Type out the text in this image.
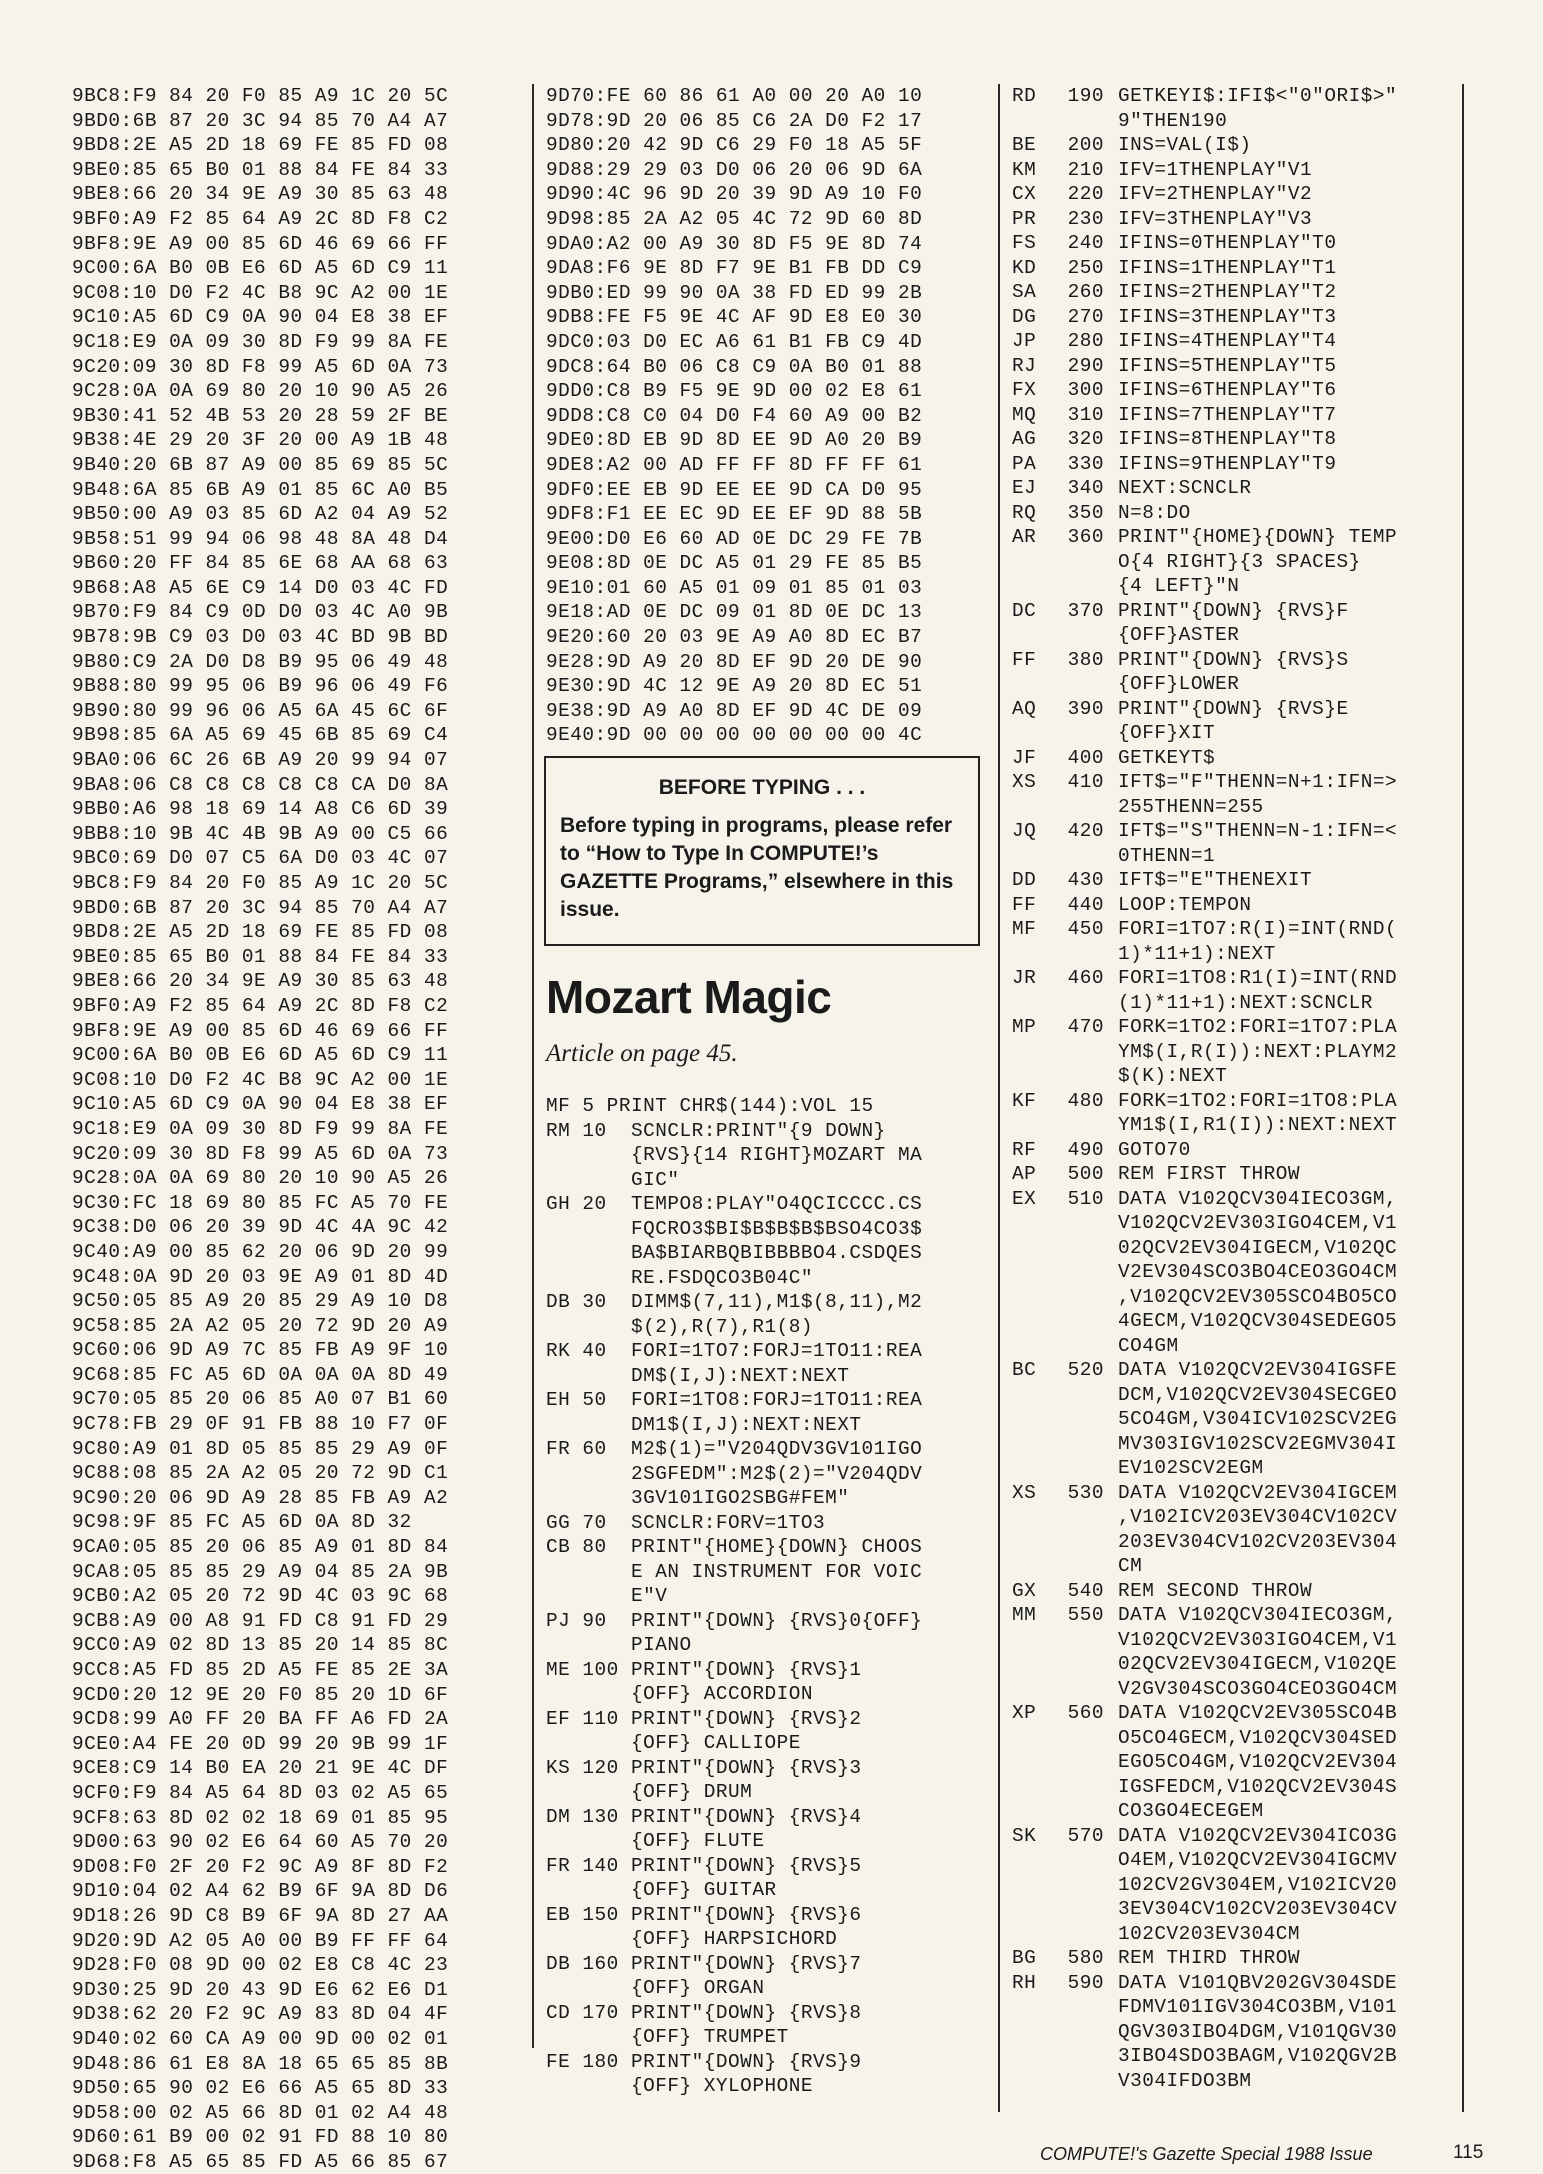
9BC8:F9 84 20 F0 85 A9 1C 20 5C
9BD0:6B 87 20 3C 94 85 70 A4 A7
9BD8:2E A5 2D 18 69 FE 85 FD 08
9BE0:85 65 B0 01 88 84 FE 84 33
9BE8:66 20 34 9E A9 30 85 63 48
9BF0:A9 F2 85 64 A9 2C 8D F8 C2
9BF8:9E A9 00 85 6D 46 69 66 FF
9C00:6A B0 0B E6 6D A5 6D C9 11
9C08:10 D0 F2 4C B8 9C A2 00 1E
9C10:A5 6D C9 0A 90 04 E8 38 EF
9C18:E9 0A 09 30 8D F9 99 8A FE
9C20:09 30 8D F8 99 A5 6D 0A 73
9C28:0A 0A 69 80 20 10 90 A5 26
9B30:41 52 4B 53 20 28 59 2F BE
9B38:4E 29 20 3F 20 00 A9 1B 48
9B40:20 6B 87 A9 00 85 69 85 5C
9B48:6A 85 6B A9 01 85 6C A0 B5
9B50:00 A9 03 85 6D A2 04 A9 52
9B58:51 99 94 06 98 48 8A 48 D4
9B60:20 FF 84 85 6E 68 AA 68 63
9B68:A8 A5 6E C9 14 D0 03 4C FD
9B70:F9 84 C9 0D D0 03 4C A0 9B
9B78:9B C9 03 D0 03 4C BD 9B BD
9B80:C9 2A D0 D8 B9 95 06 49 48
9B88:80 99 95 06 B9 96 06 49 F6
9B90:80 99 96 06 A5 6A 45 6C 6F
9B98:85 6A A5 69 45 6B 85 69 C4
9BA0:06 6C 26 6B A9 20 99 94 07
9BA8:06 C8 C8 C8 C8 C8 CA D0 8A
9BB0:A6 98 18 69 14 A8 C6 6D 39
9BB8:10 9B 4C 4B 9B A9 00 C5 66
9BC0:69 D0 07 C5 6A D0 03 4C 07
9BC8:F9 84 20 F0 85 A9 1C 20 5C
9BD0:6B 87 20 3C 94 85 70 A4 A7
9BD8:2E A5 2D 18 69 FE 85 FD 08
9BE0:85 65 B0 01 88 84 FE 84 33
9BE8:66 20 34 9E A9 30 85 63 48
9BF0:A9 F2 85 64 A9 2C 8D F8 C2
9BF8:9E A9 00 85 6D 46 69 66 FF
9C00:6A B0 0B E6 6D A5 6D C9 11
9C08:10 D0 F2 4C B8 9C A2 00 1E
9C10:A5 6D C9 0A 90 04 E8 38 EF
9C18:E9 0A 09 30 8D F9 99 8A FE
9C20:09 30 8D F8 99 A5 6D 0A 73
9C28:0A 0A 69 80 20 10 90 A5 26
9C30:FC 18 69 80 85 FC A5 70 FE
9C38:D0 06 20 39 9D 4C 4A 9C 42
9C40:A9 00 85 62 20 06 9D 20 99
9C48:0A 9D 20 03 9E A9 01 8D 4D
9C50:05 85 A9 20 85 29 A9 10 D8
9C58:85 2A A2 05 20 72 9D 20 A9
9C60:06 9D A9 7C 85 FB A9 9F 10
9C68:85 FC A5 6D 0A 0A 0A 8D 49
9C70:05 85 20 06 85 A0 07 B1 60
9C78:FB 29 0F 91 FB 88 10 F7 0F
9C80:A9 01 8D 05 85 85 29 A9 0F
9C88:08 85 2A A2 05 20 72 9D C1
9C90:20 06 9D A9 28 85 FB A9 A2
9C98:9F 85 FC A5 6D 0A 8D 32
9CA0:05 85 20 06 85 A9 01 8D 84
9CA8:05 85 85 29 A9 04 85 2A 9B
9CB0:A2 05 20 72 9D 4C 03 9C 68
9CB8:A9 00 A8 91 FD C8 91 FD 29
9CC0:A9 02 8D 13 85 20 14 85 8C
9CC8:A5 FD 85 2D A5 FE 85 2E 3A
9CD0:20 12 9E 20 F0 85 20 1D 6F
9CD8:99 A0 FF 20 BA FF A6 FD 2A
9CE0:A4 FE 20 0D 99 20 9B 99 1F
9CE8:C9 14 B0 EA 20 21 9E 4C DF
9CF0:F9 84 A5 64 8D 03 02 A5 65
9CF8:63 8D 02 02 18 69 01 85 95
9D00:63 90 02 E6 64 60 A5 70 20
9D08:F0 2F 20 F2 9C A9 8F 8D F2
9D10:04 02 A4 62 B9 6F 9A 8D D6
9D18:26 9D C8 B9 6F 9A 8D 27 AA
9D20:9D A2 05 A0 00 B9 FF FF 64
9D28:F0 08 9D 00 02 E8 C8 4C 23
9D30:25 9D 20 43 9D E6 62 E6 D1
9D38:62 20 F2 9C A9 83 8D 04 4F
9D40:02 60 CA A9 00 9D 00 02 01
9D48:86 61 E8 8A 18 65 65 85 8B
9D50:65 90 02 E6 66 A5 65 8D 33
9D58:00 02 A5 66 8D 01 02 A4 48
9D60:61 B9 00 02 91 FD 88 10 80
9D68:F8 A5 65 85 FD A5 66 85 67
9D70:FE 60 86 61 A0 00 20 A0 10
9D78:9D 20 06 85 C6 2A D0 F2 17
9D80:20 42 9D C6 29 F0 18 A5 5F
9D88:29 29 03 D0 06 20 06 9D 6A
9D90:4C 96 9D 20 39 9D A9 10 F0
9D98:85 2A A2 05 4C 72 9D 60 8D
9DA0:A2 00 A9 30 8D F5 9E 8D 74
9DA8:F6 9E 8D F7 9E B1 FB DD C9
9DB0:ED 99 90 0A 38 FD ED 99 2B
9DB8:FE F5 9E 4C AF 9D E8 E0 30
9DC0:03 D0 EC A6 61 B1 FB C9 4D
9DC8:64 B0 06 C8 C9 0A B0 01 88
9DD0:C8 B9 F5 9E 9D 00 02 E8 61
9DD8:C8 C0 04 D0 F4 60 A9 00 B2
9DE0:8D EB 9D 8D EE 9D A0 20 B9
9DE8:A2 00 AD FF FF 8D FF FF 61
9DF0:EE EB 9D EE EE 9D CA D0 95
9DF8:F1 EE EC 9D EE EF 9D 88 5B
9E00:D0 E6 60 AD 0E DC 29 FE 7B
9E08:8D 0E DC A5 01 29 FE 85 B5
9E10:01 60 A5 01 09 01 85 01 03
9E18:AD 0E DC 09 01 8D 0E DC 13
9E20:60 20 03 9E A9 A0 8D EC B7
9E28:9D A9 20 8D EF 9D 20 DE 90
9E30:9D 4C 12 9E A9 20 8D EC 51
9E38:9D A9 A0 8D EF 9D 4C DE 09
9E40:9D 00 00 00 00 00 00 00 4C
BEFORE TYPING . . .
Before typing in programs, please refer to “How to Type In COMPUTE!’s GAZETTE Programs,” elsewhere in this issue.
Mozart Magic
Article on page 45.
MF 5 PRINT CHR$(144):VOL 15
RM 10  SCNCLR:PRINT"{9 DOWN}
{RVS}{14 RIGHT}MOZART MA
GIC"
GH 20  TEMPO8:PLAY"O4QCICCCC.CS
FQCRO3$BI$B$B$B$BSO4CO3$
BA$BIARBQBIBBBBO4.CSDQES
RE.FSDQCO3B04C"
DB 30  DIMM$(7,11),M1$(8,11),M2
$(2),R(7),R1(8)
RK 40  FORI=1TO7:FORJ=1TO11:REA
DM$(I,J):NEXT:NEXT
EH 50  FORI=1TO8:FORJ=1TO11:REA
DM1$(I,J):NEXT:NEXT
FR 60  M2$(1)="V204QDV3GV101IGO
2SGFEDM":M2$(2)="V204QDV
3GV101IGO2SBG#FEM"
GG 70  SCNCLR:FORV=1TO3
CB 80  PRINT"{HOME}{DOWN} CHOOS
E AN INSTRUMENT FOR VOIC
E"V
PJ 90  PRINT"{DOWN} {RVS}0{OFF}
PIANO
ME 100 PRINT"{DOWN} {RVS}1
{OFF} ACCORDION
EF 110 PRINT"{DOWN} {RVS}2
{OFF} CALLIOPE
KS 120 PRINT"{DOWN} {RVS}3
{OFF} DRUM
DM 130 PRINT"{DOWN} {RVS}4
{OFF} FLUTE
FR 140 PRINT"{DOWN} {RVS}5
{OFF} GUITAR
EB 150 PRINT"{DOWN} {RVS}6
{OFF} HARPSICHORD
DB 160 PRINT"{DOWN} {RVS}7
{OFF} ORGAN
CD 170 PRINT"{DOWN} {RVS}8
{OFF} TRUMPET
FE 180 PRINT"{DOWN} {RVS}9
{OFF} XYLOPHONE
RD	190 GETKEYI$:IFI$<"0"ORI$>"
9"THEN190
BE	200 INS=VAL(I$)
KM	210 IFV=1THENPLAY"V1
CX	220 IFV=2THENPLAY"V2
PR	230 IFV=3THENPLAY"V3
FS	240 IFINS=0THENPLAY"T0
KD	250 IFINS=1THENPLAY"T1
SA	260 IFINS=2THENPLAY"T2
DG	270 IFINS=3THENPLAY"T3
JP	280 IFINS=4THENPLAY"T4
RJ	290 IFINS=5THENPLAY"T5
FX	300 IFINS=6THENPLAY"T6
MQ	310 IFINS=7THENPLAY"T7
AG	320 IFINS=8THENPLAY"T8
PA	330 IFINS=9THENPLAY"T9
EJ	340 NEXT:SCNCLR
RQ	350 N=8:DO
AR	360 PRINT"{HOME}{DOWN} TEMP
O{4 RIGHT}{3 SPACES}
{4 LEFT}"N
DC	370 PRINT"{DOWN} {RVS}F
{OFF}ASTER
FF	380 PRINT"{DOWN} {RVS}S
{OFF}LOWER
AQ	390 PRINT"{DOWN} {RVS}E
{OFF}XIT
JF	400 GETKEYT$
XS	410 IFT$="F"THENN=N+1:IFN=>
255THENN=255
JQ	420 IFT$="S"THENN=N-1:IFN=<
0THENN=1
DD	430 IFT$="E"THENEXIT
FF	440 LOOP:TEMPON
MF	450 FORI=1TO7:R(I)=INT(RND(
1)*11+1):NEXT
JR	460 FORI=1TO8:R1(I)=INT(RND
(1)*11+1):NEXT:SCNCLR
MP	470 FORK=1TO2:FORI=1TO7:PLA
YM$(I,R(I)):NEXT:PLAYM2
$(K):NEXT
KF	480 FORK=1TO2:FORI=1TO8:PLA
YM1$(I,R1(I)):NEXT:NEXT
RF	490 GOTO70
AP	500 REM FIRST THROW
EX	510 DATA V102QCV304IECO3GM,
V102QCV2EV303IGO4CEM,V1
02QCV2EV304IGECM,V102QC
V2EV304SCO3BO4CEO3GO4CM
,V102QCV2EV305SCO4BO5CO
4GECM,V102QCV304SEDEGO5
CO4GM
BC	520 DATA V102QCV2EV304IGSFE
DCM,V102QCV2EV304SECGEO
5CO4GM,V304ICV102SCV2EG
MV303IGV102SCV2EGMV304I
EV102SCV2EGM
XS	530 DATA V102QCV2EV304IGCEM
,V102ICV203EV304CV102CV
203EV304CV102CV203EV304
CM
GX	540 REM SECOND THROW
MM	550 DATA V102QCV304IECO3GM,
V102QCV2EV303IGO4CEM,V1
02QCV2EV304IGECM,V102QE
V2GV304SCO3GO4CEO3GO4CM
XP	560 DATA V102QCV2EV305SCO4B
O5CO4GECM,V102QCV304SED
EGO5CO4GM,V102QCV2EV304
IGSFEDCM,V102QCV2EV304S
CO3GO4ECEGEM
SK	570 DATA V102QCV2EV304ICO3G
O4EM,V102QCV2EV304IGCMV
102CV2GV304EM,V102ICV20
3EV304CV102CV203EV304CV
102CV203EV304CM
BG	580 REM THIRD THROW
RH	590 DATA V101QBV202GV304SDE
FDMV101IGV304CO3BM,V101
QGV303IBO4DGM,V101QGV30
3IBO4SDO3BAGM,V102QGV2B
V304IFDO3BM
COMPUTE!'s Gazette Special 1988 Issue	115
